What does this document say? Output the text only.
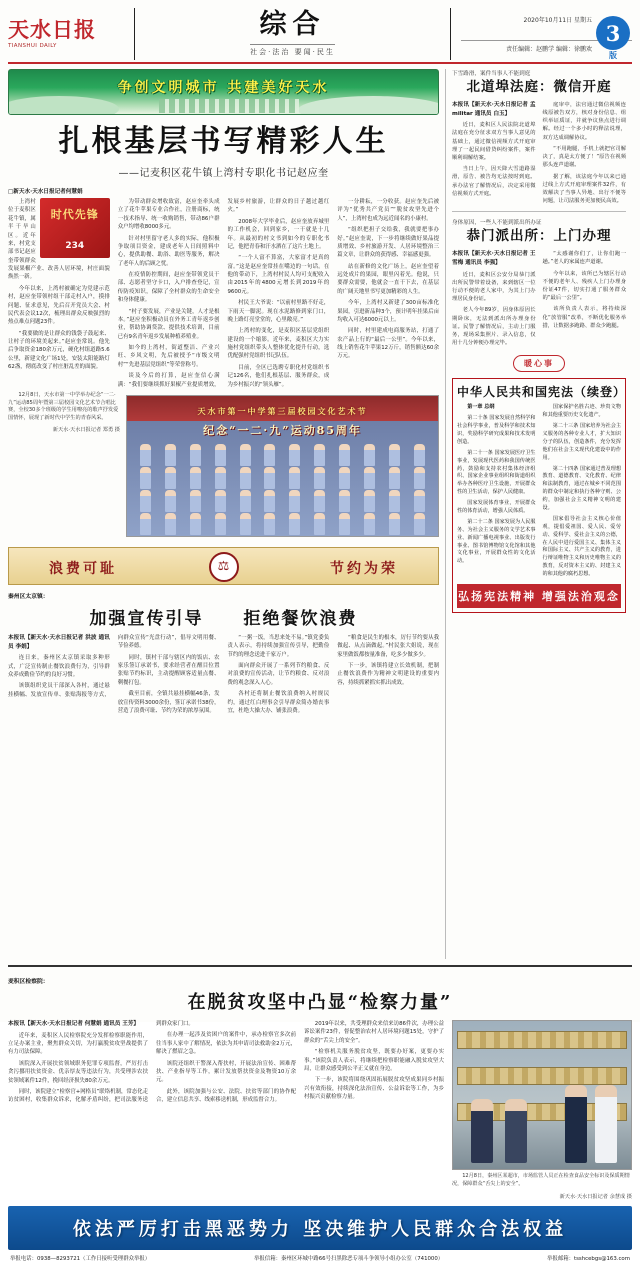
天水日报
TIANSHUI DAILY
综合
社会·法治 要闻·民生
2020年10月11日 星期五
责任编辑：赵鹏学 编辑：徐鹏欢
3
版
争创文明城市 共建美好天水
扎根基层书写精彩人生
——记麦积区花牛镇上湾村专职化书记赵应奎
□新天水·天水日报记者何慧娟
时代先锋
234

上湾村位于麦积区花牛镇，属半干旱山区。近年来，村党支部书记赵应奎带领群众发展果椒产业、改善人居环境，村庄面貌焕然一新。

今年以来，上湾村被确定为党建示范村，赵应奎带领村组干部走村入户，摸排问题、征求意见，先后召开党员大会、村民代表会议12次，梳理出群众反映强烈的热点难点问题23件。

“我要做的是让群众的钱袋子鼓起来、让村子的环境美起来。”赵应奎常说。他先后争取资金180余万元，硬化村组道路5.6公里，新建文化广场1处，安装太阳能路灯62盏，彻底改变了村庄脏乱差的面貌。

为带动群众增收致富，赵应奎牵头成立了花牛苹果专业合作社，注册商标，统一技术指导、统一收购销售，带动86户群众户均增收8000多元。

针对村里留守老人多的实际，他积极争取项目资金，建成老年人日间照料中心，提供助餐、助浴、助医等服务，解决了老年人的后顾之忧。

在疫情防控期间，赵应奎带领党员干部、志愿者坚守卡口，入户排查登记，宣传防疫知识，保障了全村群众的生命安全和身体健康。

“村子要发展，产业是关键，人才是根本。”赵应奎积极动员在外务工青年返乡创业，帮助协调贷款、提供技术培训，目前已有9名青年返乡发展种植养殖业。

如今的上湾村，街道整洁、产业兴旺、乡风文明，先后被授予“市级文明村”“先进基层党组织”等荣誉称号。

谈及今后的打算，赵应奎信心满满：“我们要继续抓好果椒产业提质增效，发展乡村旅游，让群众的日子越过越红火。”

2008年大学毕业后，赵应奎放弃城里的工作机会，回到家乡，一干就是十几年。从最初的村文书到如今的专职化书记，他把青春和汗水洒在了这片土地上。

“一个人富不算富，大家富才是真的富。”这是赵应奎常挂在嘴边的一句话。在他的带动下，上湾村村民人均可支配收入由2015年的4800元增长到2019年的9600元。

村民王大爷说：“以前村里路不好走，下雨天一脚泥。现在水泥路修到家门口，晚上路灯亮堂堂的，心里敞亮。”

上湾村的变化，是麦积区基层党组织建设的一个缩影。近年来，麦积区大力实施村党组织带头人整体优化提升行动，选优配强村党组织书记队伍。

目前，全区已选聘专职化村党组织书记126名，他们扎根基层、服务群众，成为乡村振兴的“领头雁”。

一分耕耘，一分收获。赵应奎先后被评为“优秀共产党员”“脱贫攻坚先进个人”，上湾村也成为远近闻名的小康村。

“组织把担子交给我，我就要把事办好。”赵应奎说，下一步将继续做好果品提质增效、乡村旅游开发、人居环境整治三篇文章，让群众的获得感、幸福感更强。

站在新修的文化广场上，赵应奎望着远处成片的果园，眼里闪着光。他说，只要群众需要，他就会一直干下去，在基层的广阔天地里书写更加精彩的人生。

今年，上湾村又新建了300亩标准化果园，引进新品种3个，预计明年挂果后亩均收入可达6000元以上。

同时，村里建成电商服务站，打通了农产品上行的“最后一公里”。今年以来，线上销售花牛苹果12万斤，销售额达60余万元。

12月8日，天水市第一中学举办纪念“一二·九”运动85周年暨第三届校园文化艺术节合唱比赛，全校30多个班级的学生用嘹亮的歌声抒发爱国情怀，展现了新时代中学生的青春风采。

新天水·天水日报记者 郑勇 摄
天水市第一中学第三届校园文化艺术节
纪念“一二·九”运动85周年
浪费可耻	⚖	节约为荣
秦州区太京镇：
加强宣传引导 拒绝餐饮浪费
本报讯【新天水·天水日报记者 洪波 通讯员 李娟】

连日来，秦州区太京镇采取多种形式，广泛宣传制止餐饮浪费行为，引导群众养成勤俭节约的良好习惯。

该镇组织党员干部深入各村，通过悬挂横幅、发放宣传单、张贴海报等方式，向群众宣传“光盘行动”，倡导文明用餐、节俭养德。

同时，镇村干部与辖区内的饭店、农家乐签订承诺书，要求经营者在醒目位置张贴节约标识，主动提醒顾客适量点餐、剩餐打包。

截至目前，全镇共悬挂横幅46条，发放宣传资料3000余份，签订承诺书38份，营造了浪费可耻、节约为荣的浓厚氛围。

“一粥一饭，当思来处不易。”镇党委负责人表示，将持续加强宣传引导，把勤俭节约的理念送进千家万户。

面向群众开展了一系列节约粮食、反对浪费的宣传活动，让节约粮食、反对浪费的观念深入人心。

各村还将制止餐饮浪费纳入村规民约，通过红白理事会引导群众简办婚丧事宜，杜绝大操大办、铺张浪费。

“粮食是民生的根本，厉行节约要从我做起、从点滴做起。”村民张大姐说，现在家里做饭都按量准备，吃多少做多少。

下一步，该镇将建立长效机制，把制止餐饮浪费作为精神文明建设的重要内容，持续抓紧抓实抓出成效。

下雪路滑，案件当事人不能到庭
北道埠法庭：微信开庭
本报讯【新天水·天水日报记者 孟militar 通讯员 白玉】

近日，麦积区人民法院北道埠法庭在充分征求双方当事人意见的基础上，通过微信视频方式开庭审理了一起民间借贷纠纷案件，案件顺利调解结案。

当日上午，因天降大雪道路湿滑，原告、被告均无法按时到庭。承办法官了解情况后，决定采用微信视频方式开庭。

庭审中，法官通过微信视频连线原被告双方，核对身份信息、组织举证质证，并就争议焦点进行调解。经过一个多小时的释法说理，双方达成调解协议。

“不用跑腿，手机上就把官司解决了，真是太方便了！”原告在视频那头连声道谢。

据了解，该法庭今年以来已通过线上方式开庭审理案件32件，有效解决了当事人异地、出行不便等问题，让司法服务更加便民高效。

身体原因，一些人不能到派出所办证
恭门派出所：上门办理
本报讯【新天水·天水日报记者 王雪梅 通讯员 李强】

近日，麦积区公安分局恭门派出所民警带着设备，来到辖区一位行动不便的老人家中，为其上门办理居民身份证。

老人今年89岁，因身体原因长期卧床，无法到派出所办理身份证。民警了解情况后，主动上门服务，现场采集照片、录入信息，仅用十几分钟便办理完毕。

“太感谢你们了，让你们跑一趟。”老人的家属连声道谢。

今年以来，该所已为辖区行动不便的老年人、残疾人上门办理身份证47件，切实打通了服务群众的“最后一公里”。

该所负责人表示，将持续深化“放管服”改革，不断优化服务举措，让数据多跑路、群众少跑腿。

暖心事
中华人民共和国宪法（续登）

第一章 总纲

第二十条 国家发展自然科学和社会科学事业，普及科学和技术知识，奖励科学研究成果和技术发明创造。

第二十一条 国家发展医疗卫生事业，发展现代医药和我国传统医药，鼓励和支持农村集体经济组织、国家企业事业组织和街道组织举办各种医疗卫生设施，开展群众性的卫生活动，保护人民健康。

国家发展体育事业，开展群众性的体育活动，增强人民体质。

第二十二条 国家发展为人民服务、为社会主义服务的文学艺术事业、新闻广播电视事业、出版发行事业、图书馆博物馆文化馆和其他文化事业，开展群众性的文化活动。

国家保护名胜古迹、珍贵文物和其他重要历史文化遗产。

第二十三条 国家培养为社会主义服务的各种专业人才，扩大知识分子的队伍，创造条件，充分发挥他们在社会主义现代化建设中的作用。

第二十四条 国家通过普及理想教育、道德教育、文化教育、纪律和法制教育，通过在城乡不同范围的群众中制定和执行各种守则、公约，加强社会主义精神文明的建设。

国家倡导社会主义核心价值观，提倡爱祖国、爱人民、爱劳动、爱科学、爱社会主义的公德，在人民中进行爱国主义、集体主义和国际主义、共产主义的教育，进行辩证唯物主义和历史唯物主义的教育，反对资本主义的、封建主义的和其他的腐朽思想。

弘扬宪法精神 增强法治观念
麦积区检察院：
在脱贫攻坚中凸显“检察力量”
本报讯【新天水·天水日报记者 何慧娟 通讯员 王芳】

近年来，麦积区人民检察院充分发挥检察职能作用，立足办案主业，聚焦群众关切，为打赢脱贫攻坚战提供了有力司法保障。

该院深入开展扶贫领域职务犯罪专项监督，严厉打击贪污挪用扶贫资金、优亲厚友等违法行为，共受理涉农扶贫领域案件12件，挽回经济损失80余万元。

同时，该院建立“检察官+网格员”联络机制，常态化走访贫困村，收集群众诉求，化解矛盾纠纷，把司法服务送到群众家门口。

在办理一起涉及贫困户的案件中，承办检察官多次前往当事人家中了解情况，依法为其申请司法救助金2万元，解决了燃眉之急。

该院还组织干警深入帮扶村，开展法治宣传、困难帮扶、产业指导等工作，累计发放帮扶资金及物资10万余元。

此外，该院加强与公安、法院、扶贫等部门的协作配合，建立信息共享、线索移送机制，形成监督合力。

2019年以来，共受理群众来信来访86件次，办理公益诉讼案件23件，督促整治农村人居环境问题15处，守护了群众的“舌尖上的安全”。

“检察机关服务脱贫攻坚，既要办好案，更要办实事。”该院负责人表示，将继续把检察职能融入脱贫攻坚大局，让群众感受到公平正义就在身边。

下一步，该院将围绕巩固拓展脱贫攻坚成果同乡村振兴有效衔接，持续深化法治宣传、公益诉讼等工作，为乡村振兴贡献检察力量。

12月8日，秦州区某超市，市场监管人员正在检查食品安全标识及保质期情况，保障群众“舌尖上的安全”。

新天水·天水日报记者 余慧成 摄
依法严厉打击黑恶势力 坚决维护人民群众合法权益
举报电话：0938—8293721（工作日接听受理群众举报）	举报信箱：秦州区环城中路66号扫黑除恶专项斗争领导小组办公室（741000）	举报邮箱：tsshcebgs@163.com
